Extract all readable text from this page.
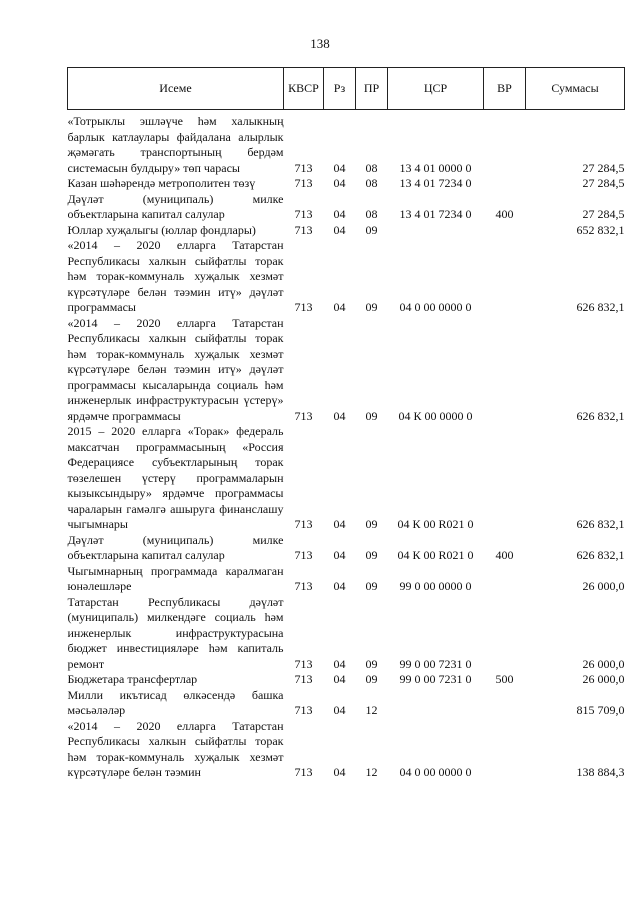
138
Исеме	КВСР	Рз	ПР	ЦСР	ВР	Суммасы

«Тотрыклы эшләүче һәм халыкның барлык катлаулары файдалана алырлык җәмәгать транспортының бердәм системасын булдыру» төп чарасы	713	04	08	13 4 01 0000 0		27 284,5
Казан шәһәрендә метрополитен төзү	713	04	08	13 4 01 7234 0		27 284,5
Дәүләт (муниципаль) милке объектларына капитал салулар	713	04	08	13 4 01 7234 0	400	27 284,5
Юллар хуҗалыгы (юллар фондлары)	713	04	09			652 832,1
«2014 – 2020 елларга Татарстан Республикасы халкын сыйфатлы торак һәм торак-коммуналь хуҗалык хезмәт күрсәтүләре белән тәэмин итү» дәүләт программасы	713	04	09	04 0 00 0000 0		626 832,1
«2014 – 2020 елларга Татарстан Республикасы халкын сыйфатлы торак һәм торак-коммуналь хуҗалык хезмәт күрсәтүләре белән тәэмин итү» дәүләт программасы кысаларында социаль һәм инженерлык инфраструктурасын үстерү» ярдәмче программасы	713	04	09	04 К 00 0000 0		626 832,1
2015 – 2020 елларга «Торак» федераль максатчан программасының «Россия Федерациясе субъектларының торак төзелешен үстерү программаларын кызыксындыру» ярдәмче программасы чараларын гамәлгә ашыруга финанслашу чыгымнары	713	04	09	04 К 00 R021 0		626 832,1
Дәүләт (муниципаль) милке объектларына капитал салулар	713	04	09	04 К 00 R021 0	400	626 832,1
Чыгымнарның программада каралмаган юнәлешләре	713	04	09	99 0 00 0000 0		26 000,0
Татарстан Республикасы дәүләт (муниципаль) милкендәге социаль һәм инженерлык инфраструктурасына бюджет инвестицияләре һәм капиталь ремонт	713	04	09	99 0 00 7231 0		26 000,0
Бюджетара трансфертлар	713	04	09	99 0 00 7231 0	500	26 000,0
Милли икътисад өлкәсендә башка мәсьәләләр	713	04	12			815 709,0
«2014 – 2020 елларга Татарстан Республикасы халкын сыйфатлы торак һәм торак-коммуналь хуҗалык хезмәт күрсәтүләре белән тәэмин	713	04	12	04 0 00 0000 0		138 884,3
